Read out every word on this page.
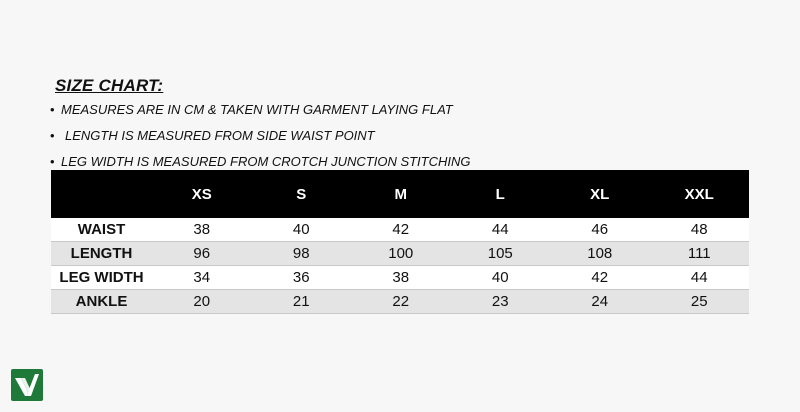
SIZE CHART:
• MEASURES ARE IN CM & TAKEN WITH GARMENT LAYING FLAT
• LENGTH IS MEASURED FROM SIDE WAIST POINT
• LEG WIDTH IS MEASURED FROM CROTCH JUNCTION STITCHING
	XS	S	M	L	XL	XXL
WAIST	38	40	42	44	46	48
LENGTH	96	98	100	105	108	111
LEG WIDTH	34	36	38	40	42	44
ANKLE	20	21	22	23	24	25
